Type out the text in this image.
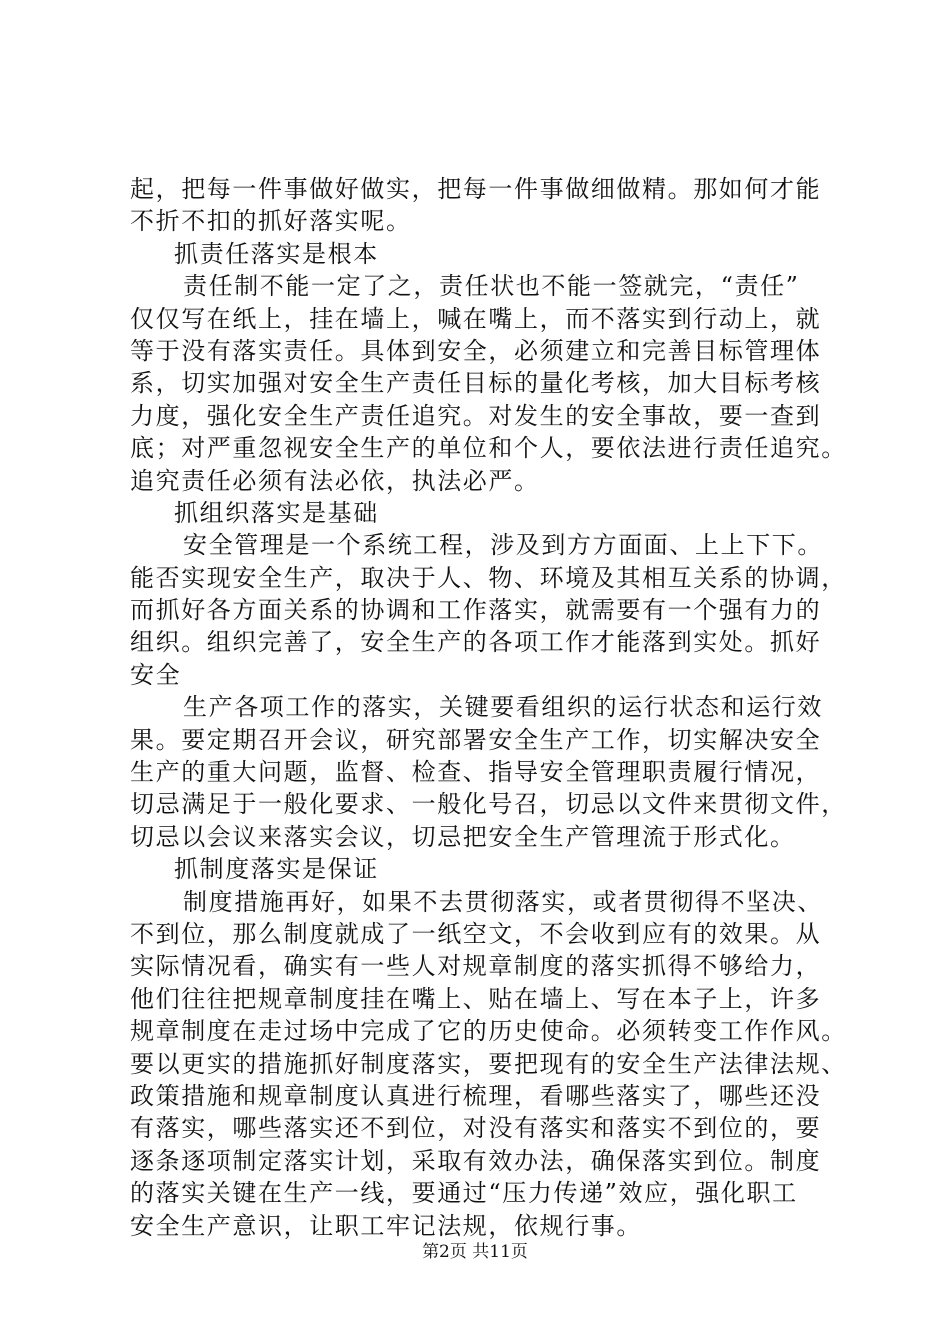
起，把每一件事做好做实，把每一件事做细做精。那如何才能
不折不扣的抓好落实呢。
抓责任落实是根本
责任制不能一定了之，责任状也不能一签就完，“责任”
仅仅写在纸上，挂在墙上，喊在嘴上，而不落实到行动上，就
等于没有落实责任。具体到安全，必须建立和完善目标管理体
系，切实加强对安全生产责任目标的量化考核，加大目标考核
力度，强化安全生产责任追究。对发生的安全事故，要一查到
底；对严重忽视安全生产的单位和个人，要依法进行责任追究。
追究责任必须有法必依，执法必严。
抓组织落实是基础
安全管理是一个系统工程，涉及到方方面面、上上下下。
能否实现安全生产，取决于人、物、环境及其相互关系的协调，
而抓好各方面关系的协调和工作落实，就需要有一个强有力的
组织。组织完善了，安全生产的各项工作才能落到实处。抓好
安全
生产各项工作的落实，关键要看组织的运行状态和运行效
果。要定期召开会议，研究部署安全生产工作，切实解决安全
生产的重大问题，监督、检查、指导安全管理职责履行情况，
切忌满足于一般化要求、一般化号召，切忌以文件来贯彻文件，
切忌以会议来落实会议，切忌把安全生产管理流于形式化。
抓制度落实是保证
制度措施再好，如果不去贯彻落实，或者贯彻得不坚决、
不到位，那么制度就成了一纸空文，不会收到应有的效果。从
实际情况看，确实有一些人对规章制度的落实抓得不够给力，
他们往往把规章制度挂在嘴上、贴在墙上、写在本子上，许多
规章制度在走过场中完成了它的历史使命。必须转变工作作风。
要以更实的措施抓好制度落实，要把现有的安全生产法律法规、
政策措施和规章制度认真进行梳理，看哪些落实了，哪些还没
有落实，哪些落实还不到位，对没有落实和落实不到位的，要
逐条逐项制定落实计划，采取有效办法，确保落实到位。制度
的落实关键在生产一线，要通过“压力传递”效应，强化职工
安全生产意识，让职工牢记法规，依规行事。
第2页 共11页
